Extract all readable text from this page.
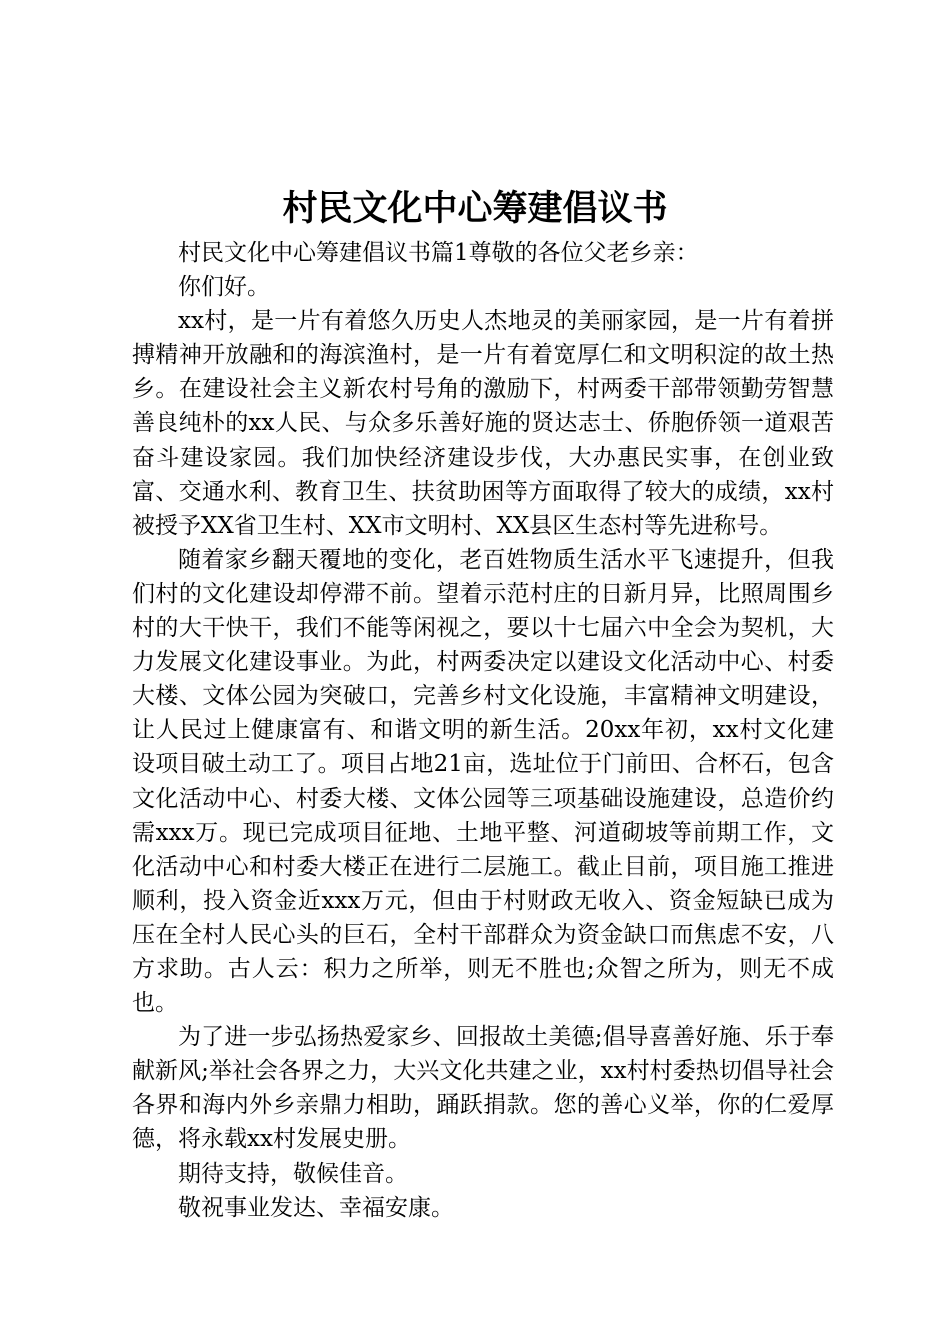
村民文化中心筹建倡议书

村民文化中心筹建倡议书篇1尊敬的各位父老乡亲：

你们好。

xx村，是一片有着悠久历史人杰地灵的美丽家园，是一片有着拼搏精神开放融和的海滨渔村，是一片有着宽厚仁和文明积淀的故土热乡。在建设社会主义新农村号角的激励下，村两委干部带领勤劳智慧善良纯朴的xx人民、与众多乐善好施的贤达志士、侨胞侨领一道艰苦奋斗建设家园。我们加快经济建设步伐，大办惠民实事，在创业致富、交通水利、教育卫生、扶贫助困等方面取得了较大的成绩，xx村被授予XX省卫生村、XX市文明村、XX县区生态村等先进称号。

随着家乡翻天覆地的变化，老百姓物质生活水平飞速提升，但我们村的文化建设却停滞不前。望着示范村庄的日新月异，比照周围乡村的大干快干，我们不能等闲视之，要以十七届六中全会为契机，大力发展文化建设事业。为此，村两委决定以建设文化活动中心、村委大楼、文体公园为突破口，完善乡村文化设施，丰富精神文明建设，让人民过上健康富有、和谐文明的新生活。20xx年初，xx村文化建设项目破土动工了。项目占地21亩，选址位于门前田、合杯石，包含文化活动中心、村委大楼、文体公园等三项基础设施建设，总造价约需xxx万。现已完成项目征地、土地平整、河道砌坡等前期工作，文化活动中心和村委大楼正在进行二层施工。截止目前，项目施工推进顺利，投入资金近xxx万元，但由于村财政无收入、资金短缺已成为压在全村人民心头的巨石，全村干部群众为资金缺口而焦虑不安，八方求助。古人云：积力之所举，则无不胜也;众智之所为，则无不成也。

为了进一步弘扬热爱家乡、回报故土美德;倡导喜善好施、乐于奉献新风;举社会各界之力，大兴文化共建之业，xx村村委热切倡导社会各界和海内外乡亲鼎力相助，踊跃捐款。您的善心义举，你的仁爱厚德，将永载xx村发展史册。

期待支持，敬候佳音。

敬祝事业发达、幸福安康。
